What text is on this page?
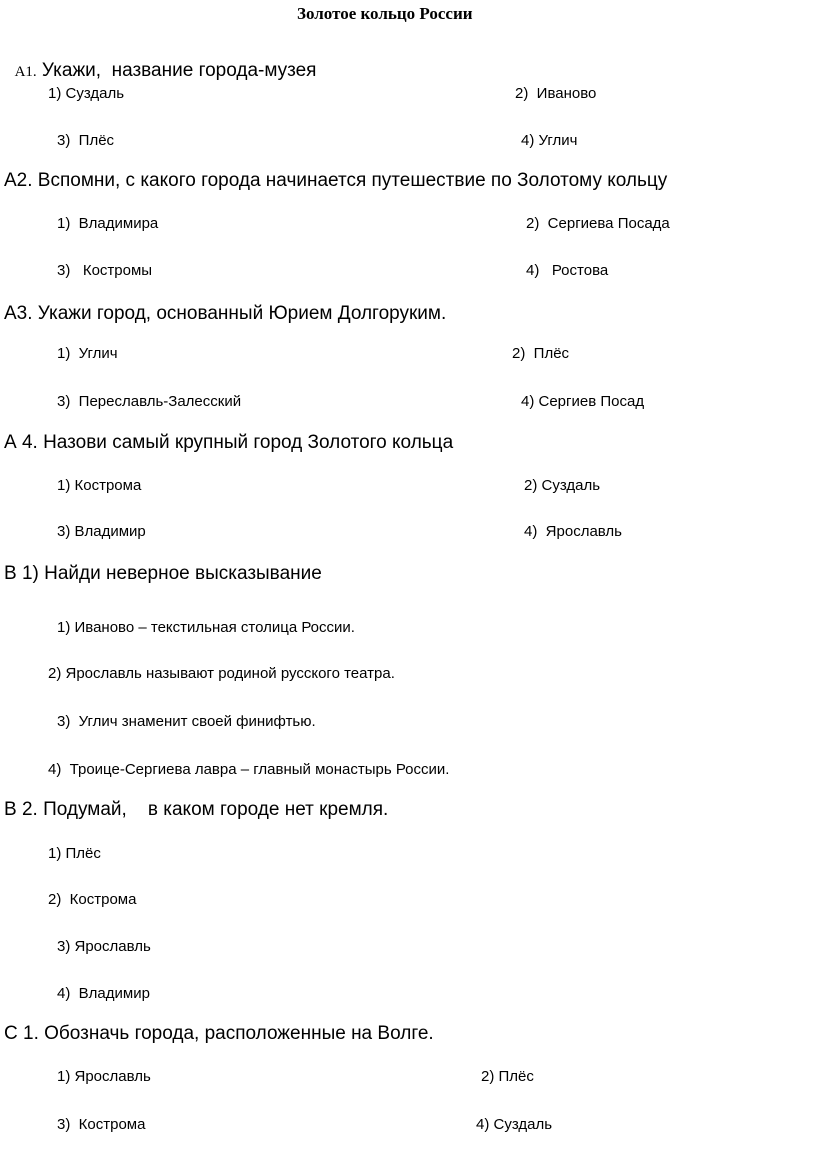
Золотое кольцо России

А1. Укажи,  название города-музея

1) Суздаль	2)  Иваново
3)  Плёс	4) Углич
А2. Вспомни, с какого города начинается путешествие по Золотому кольцу
1)  Владимира	2)  Сергиева Посада
3)   Костромы	4)   Ростова
А3. Укажи город, основанный Юрием Долгоруким.
1)  Углич	2)  Плёс
3)  Переславль-Залесский	4) Сергиев Посад
А 4. Назови самый крупный город Золотого кольца
1) Кострома	2) Суздаль
3) Владимир	4)  Ярославль
В 1) Найди неверное высказывание
1) Иваново – текстильная столица России.
2) Ярославль называют родиной русского театра.
3)  Углич знаменит своей финифтью.
4)  Троице-Сергиева лавра – главный монастырь России.
В 2. Подумай,    в каком городе нет кремля.
1) Плёс
2)  Кострома
3) Ярославль
4)  Владимир
С 1. Обозначь города, расположенные на Волге.
1) Ярославль	2) Плёс
3)  Кострома	4) Суздаль
